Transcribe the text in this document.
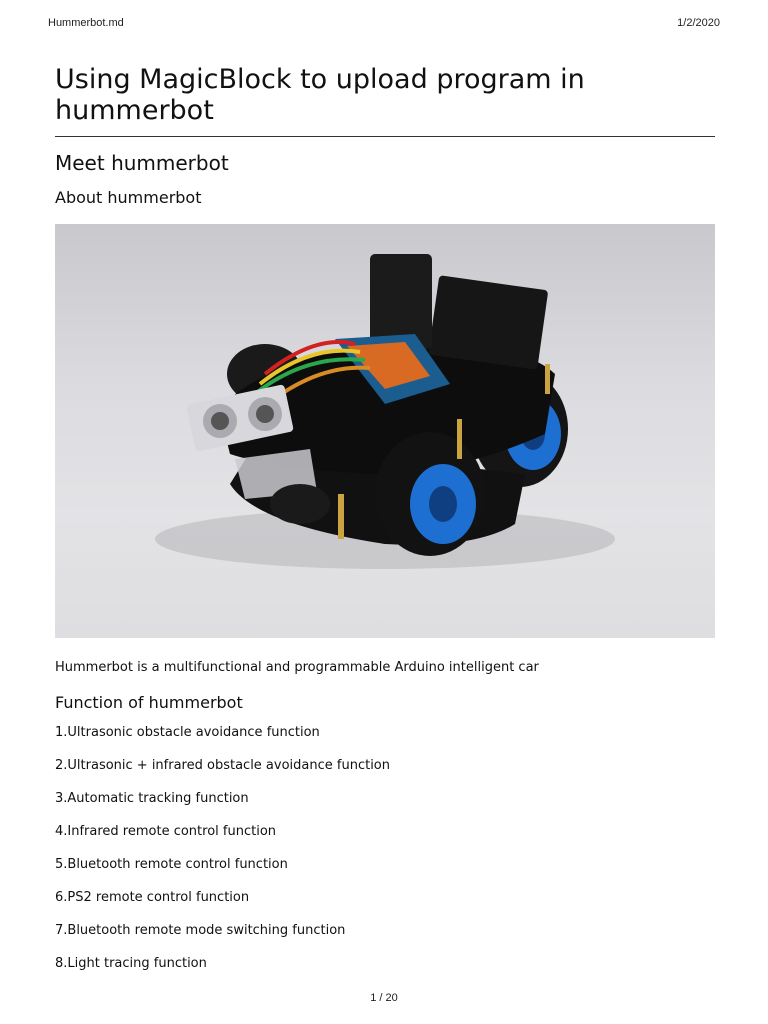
Hummerbot.md	1/2/2020
Using MagicBlock to upload program in hummerbot
Meet hummerbot
About hummerbot

Hummerbot is a multifunctional and programmable Arduino intelligent car

Function of hummerbot
1.Ultrasonic obstacle avoidance function
2.Ultrasonic + infrared obstacle avoidance function
3.Automatic tracking function
4.Infrared remote control function
5.Bluetooth remote control function
6.PS2 remote control function
7.Bluetooth remote mode switching function
8.Light tracing function
1 / 20
